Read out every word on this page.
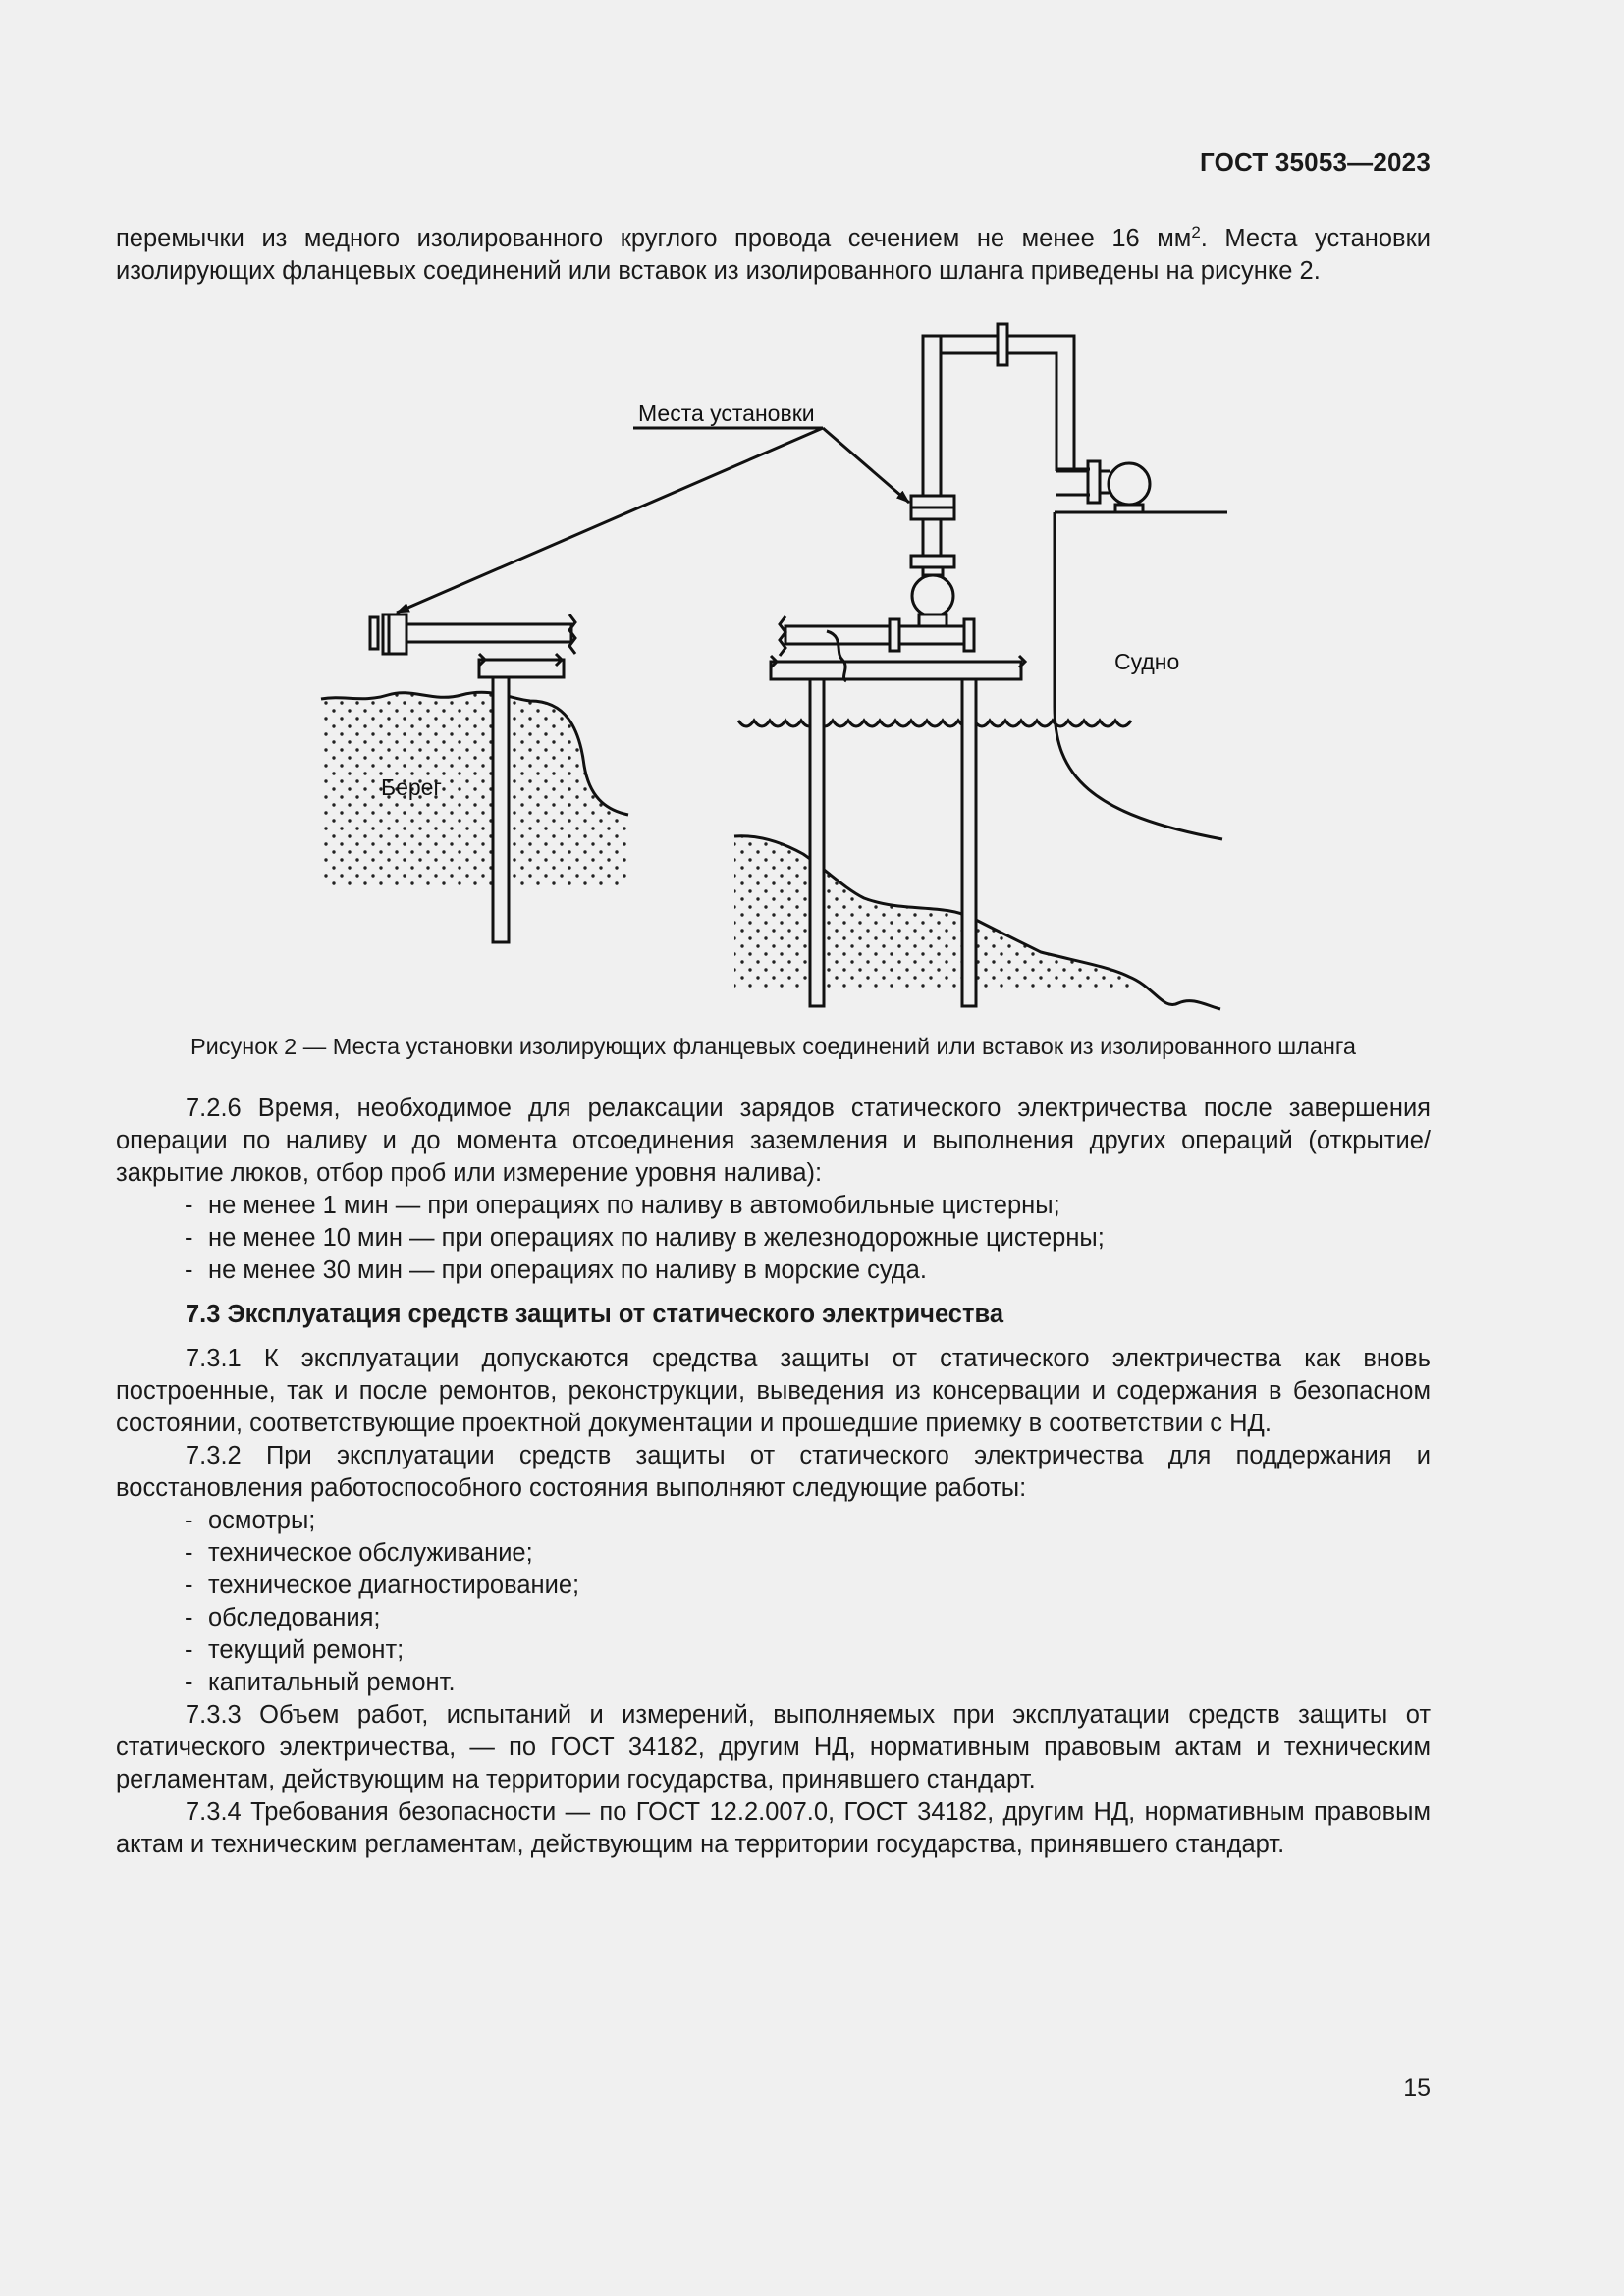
ГОСТ 35053—2023

перемычки из медного изолированного круглого провода сечением не менее 16 $мм^2$. Места установки изолирующих фланцевых соединений или вставок из изолированного шланга приведены на рисунке 2.

Места установки
Берег
Судно
Рисунок 2 — Места установки изолирующих фланцевых соединений или вставок из изолированного шланга

7.2.6 Время, необходимое для релаксации зарядов статического электричества после завершения операции по наливу и до момента отсоединения заземления и выполнения других операций (открытие/закрытие люков, отбор проб или измерение уровня налива):

- не менее 1 мин — при операциях по наливу в автомобильные цистерны;

- не менее 10 мин — при операциях по наливу в железнодорожные цистерны;

- не менее 30 мин — при операциях по наливу в морские суда.

7.3 Эксплуатация средств защиты от статического электричества

7.3.1 К эксплуатации допускаются средства защиты от статического электричества как вновь построенные, так и после ремонтов, реконструкции, выведения из консервации и содержания в безопасном состоянии, соответствующие проектной документации и прошедшие приемку в соответствии с НД.

7.3.2 При эксплуатации средств защиты от статического электричества для поддержания и восстановления работоспособного состояния выполняют следующие работы:

- осмотры;

- техническое обслуживание;

- техническое диагностирование;

- обследования;

- текущий ремонт;

- капитальный ремонт.

7.3.3 Объем работ, испытаний и измерений, выполняемых при эксплуатации средств защиты от статического электричества, — по ГОСТ 34182, другим НД, нормативным правовым актам и техническим регламентам, действующим на территории государства, принявшего стандарт.

7.3.4 Требования безопасности — по ГОСТ 12.2.007.0, ГОСТ 34182, другим НД, нормативным правовым актам и техническим регламентам, действующим на территории государства, принявшего стандарт.

15
